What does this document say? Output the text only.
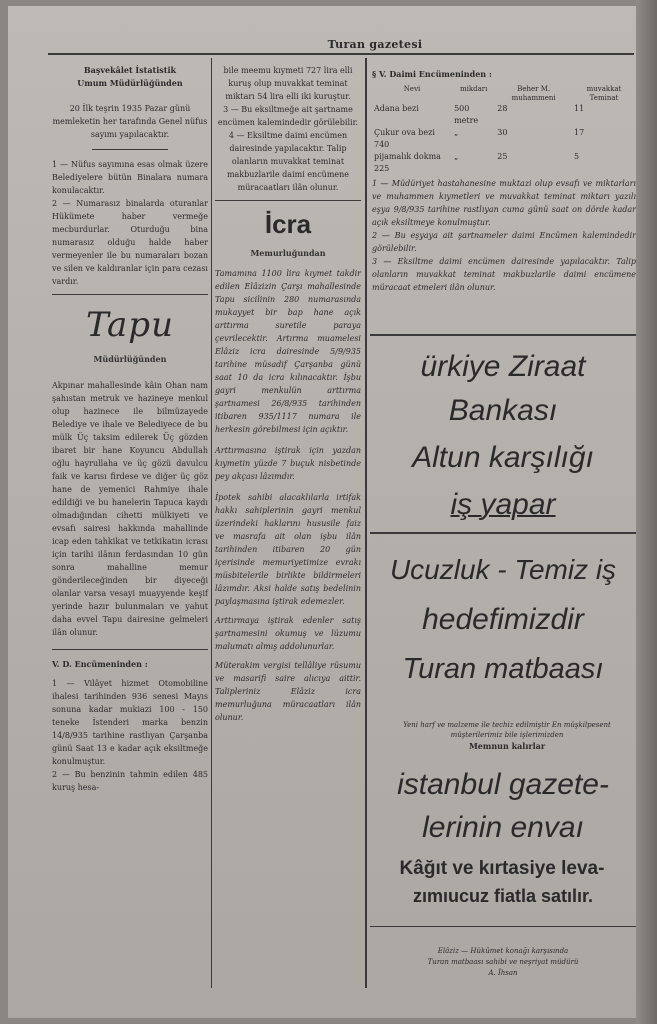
Turan gazetesi

Başvekâlet İstatistik

Umum Müdürlüğünden

20 İlk teşrin 1935 Pazar günü memleketin her tarafında Genel nüfus sayımı yapılacaktır.

1 — Nüfus sayımına esas olmak üzere Belediyelere bütün Binalara numara konulacaktır.

2 — Numarasız binalarda oturanlar Hükümete haber vermeğe mecburdurlar. Oturduğu bina numarasız olduğu halde haber vermeyenler ile bu numaraları bozan ve silen ve kaldıranlar için para cezası vardır.

Tapu

Müdürlüğünden

Akpınar mahallesinde kâin Ohan nam şahıstan metruk ve hazineye menkul olup hazinece ile bilmüzayede Belediye ve ihale ve Belediyece de bu mülk Üç taksim edilerek Üç gözden ibaret bir hane Koyuncu Abdullah oğlu hayrullaha ve üç gözü davulcu faik ve karısı firdese ve diğer üç göz hane de yemenici Rahmiye ihale edildiği ve bu hanelerin Tapuca kaydı olmadığından cihetti mülkiyeti ve evsafı sairesi hakkında mahallinde icap eden tahkikat ve tetkikatın icrası için tarihi ilânın ferdasından 10 gün sonra mahalline memur gönderileceğinden bir diyeceği olanlar varsa vesayi muayyende keşif yerinde hazır bulunmaları ve yahut daha evvel Tapu dairesine gelmeleri ilân olunur.

V. D. Encümeninden :

1 — Vilâyet hizmet Otomobiline ihalesi tarihinden 936 senesi Mayıs sonuna kadar mukiazi 100 - 150 teneke İstenderi marka benzin 14/8/935 tarihine rastlıyan Çarşanba günü Saat 13 e kadar açık eksiltmeğe konulmuştur.

2 — Bu benzinin tahmin edilen 485 kuruş hesa-

bile meemu kıymeti 727 lira elli kuruş olup muvakkat teminat miktarı 54 lira elli iki kuruştur.

3 — Bu eksiltmeğe ait şartname encümen kalemindedir görülebilir.

4 — Eksiltme daimi encümen dairesinde yapılacaktır. Talip olanların muvakkat teminat makbuzlarile daimi encümene müracaatları ilân olunur.

İcra

Memurluğundan

Tamamına 1100 lira kıymet takdir edilen Elâzizin Çarşı mahallesinde Tapu sicilinin 280 numarasında mukayyet bir bap hane açık arttırma suretile paraya çevrilecektir. Artırma muamelesi Elâziz icra dairesinde 5/9/935 tarihine müsadif Çarşanba günü saat 10 da icra kılınacaktır. İşbu gayri menkulün arttırma şartnamesi 26/8/935 tarihinden itibaren 935/1117 numara ile herkesin görebilmesi için açıktır.

Arttırmasına iştirak için yazdan kıymetin yüzde 7 buçuk nisbetinde pey akçası lâzımdır.

İpotek sahibi alacaklılarla irtifak hakkı sahiplerinin gayri menkul üzerindeki haklarını hususile faiz ve masrafa ait olan işbu ilân tarihinden itibaren 20 gün içerisinde memuriyetimize evrakı müsbitelerile birlikte bildirmeleri lâzımdır. Aksi halde satış bedelinin paylaşmasına iştirak edemezler.

Arttırmaya iştirak edenler satış şartnamesini okumuş ve lüzumu malumatı almış addolunurlar.

Müterakim vergisi tellâliye rüsumu ve masarifi saire alıcıya aittir. Talipleriniz Elâziz icra memurluğuna müracaatları ilân olunur.

§ V. Daimi Encümeninden :

Nevi	mikdarı	Beher M. muhammeni	muvakkat Teminat
Adana bezi	500 metre	28	11
Çukur ova bezi 740	„	30	17
pijamalık dokma 225	„	25	5

1 — Müdüriyet hastahanesine muktazi olup evsafı ve miktarları ve muhammen kıymetleri ve muvakkat teminat miktarı yazılı eşya 9/8/935 tarihine rastlıyan cuma günü saat on dörde kadar açık eksiltmeye konulmuştur.

2 — Bu eşyaya ait şartnameler daimi Encümen kalemindedir görülebilir.

3 — Eksiltme daimi encümen dairesinde yapılacaktır. Talip olanların muvakkat teminat makbuzlarile daimi encümene müracaat etmeleri ilân olunur.

ürkiye Ziraat
Bankası
Altun karşılığı
iş yapar
Ucuzluk - Temiz iş
hedefimizdir
Turan matbaası

Yeni harf ve malzeme ile techiz edilmiştir En müşkilpesent müşterilerimiz bile işlerimizden

Memnun kalırlar

istanbul gazete-
lerinin envaı
Kâğıt ve kırtasiye leva-
zımıucuz fiatla satılır.

Elâziz — Hükûmet konağı karşısında

Turan matbaası sahibi ve neşriyat müdürü

A. İhsan
